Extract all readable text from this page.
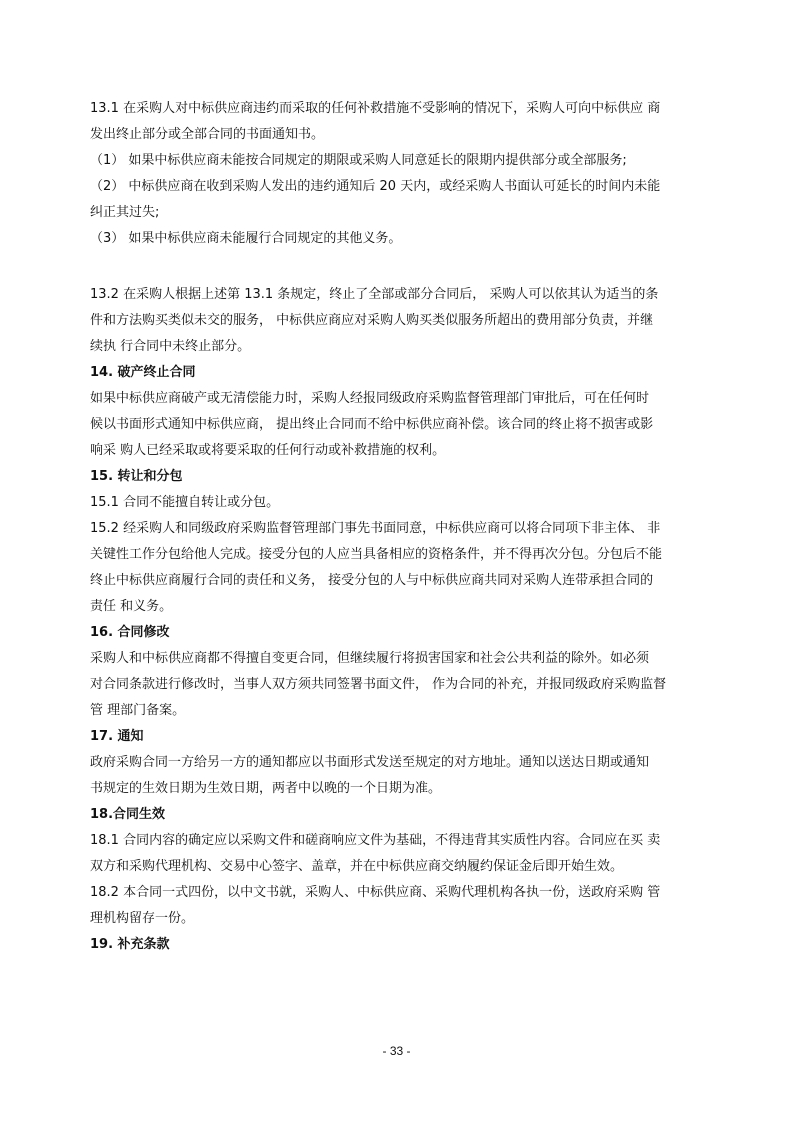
13.1 在采购人对中标供应商违约而采取的任何补救措施不受影响的情况下，采购人可向中标供应 商
发出终止部分或全部合同的书面通知书。
（1） 如果中标供应商未能按合同规定的期限或采购人同意延长的限期内提供部分或全部服务;
（2） 中标供应商在收到采购人发出的违约通知后 20 天内，或经采购人书面认可延长的时间内未能
纠正其过失;
（3） 如果中标供应商未能履行合同规定的其他义务。
13.2 在采购人根据上述第 13.1 条规定，终止了全部或部分合同后， 采购人可以依其认为适当的条
件和方法购买类似未交的服务， 中标供应商应对采购人购买类似服务所超出的费用部分负责，并继
续执 行合同中未终止部分。
14. 破产终止合同
如果中标供应商破产或无清偿能力时，采购人经报同级政府采购监督管理部门审批后，可在任何时
候以书面形式通知中标供应商， 提出终止合同而不给中标供应商补偿。该合同的终止将不损害或影
响采 购人已经采取或将要采取的任何行动或补救措施的权利。
15. 转让和分包
15.1 合同不能擅自转让或分包。
15.2 经采购人和同级政府采购监督管理部门事先书面同意，中标供应商可以将合同项下非主体、 非
关键性工作分包给他人完成。接受分包的人应当具备相应的资格条件，并不得再次分包。分包后不能
终止中标供应商履行合同的责任和义务， 接受分包的人与中标供应商共同对采购人连带承担合同的
责任 和义务。
16. 合同修改
采购人和中标供应商都不得擅自变更合同，但继续履行将损害国家和社会公共利益的除外。如必须
对合同条款进行修改时，当事人双方须共同签署书面文件， 作为合同的补充，并报同级政府采购监督
管 理部门备案。
17. 通知
政府采购合同一方给另一方的通知都应以书面形式发送至规定的对方地址。通知以送达日期或通知
书规定的生效日期为生效日期，两者中以晚的一个日期为准。
18.合同生效
18.1 合同内容的确定应以采购文件和磋商响应文件为基础，不得违背其实质性内容。合同应在买 卖
双方和采购代理机构、交易中心签字、盖章，并在中标供应商交纳履约保证金后即开始生效。
18.2 本合同一式四份，以中文书就，采购人、中标供应商、采购代理机构各执一份，送政府采购 管
理机构留存一份。
19. 补充条款
- 33 -
